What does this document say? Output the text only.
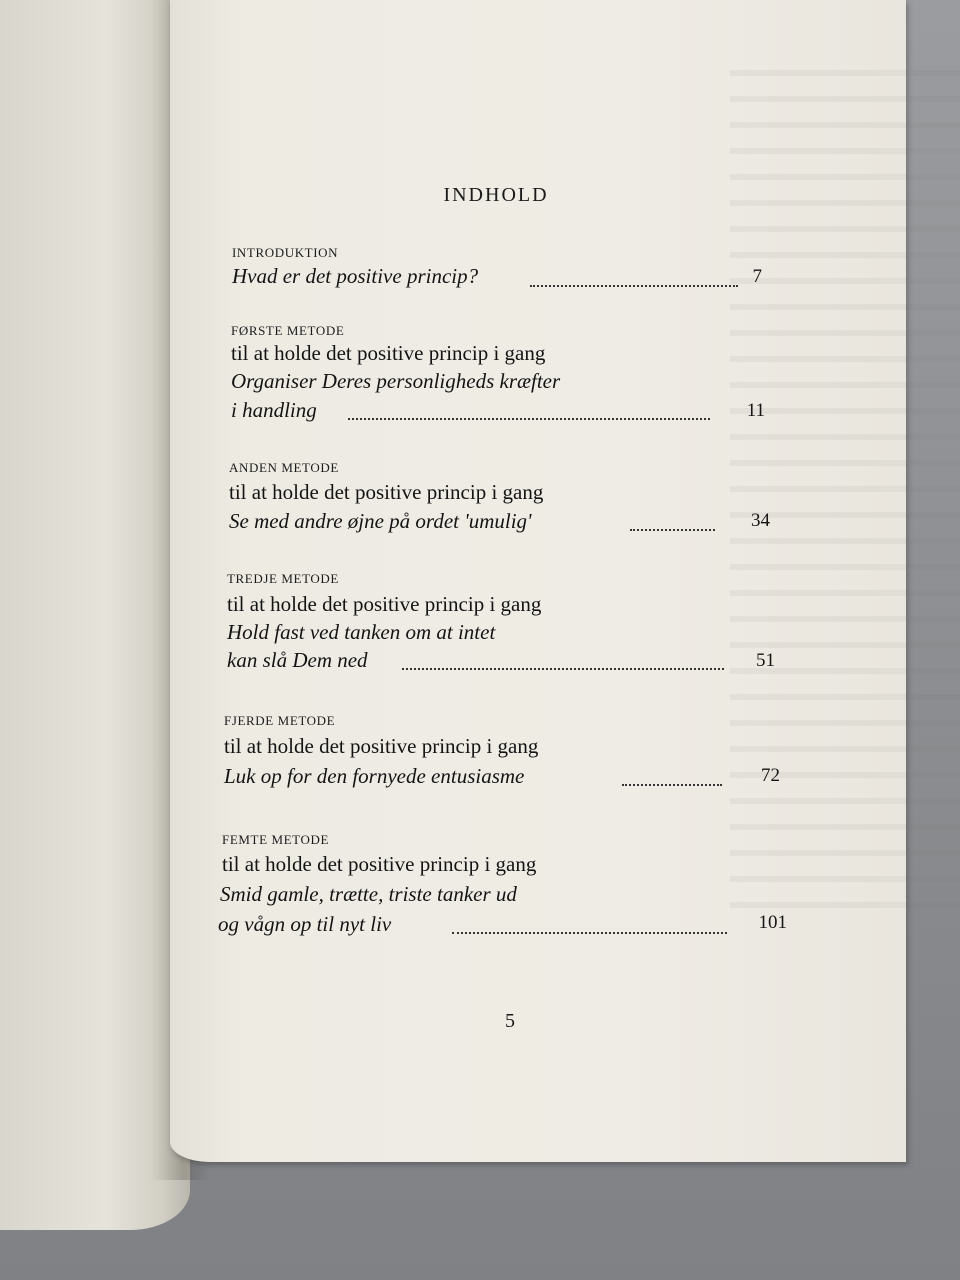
INDHOLD
INTRODUKTION
Hvad er det positive princip?	7
FØRSTE METODE
til at holde det positive princip i gang
Organiser Deres personligheds kræfter
i handling	11
ANDEN METODE
til at holde det positive princip i gang
Se med andre øjne på ordet 'umulig'	34
TREDJE METODE
til at holde det positive princip i gang
Hold fast ved tanken om at intet
kan slå Dem ned	51
FJERDE METODE
til at holde det positive princip i gang
Luk op for den fornyede entusiasme	72
FEMTE METODE
til at holde det positive princip i gang
Smid gamle, trætte, triste tanker ud
og vågn op til nyt liv	101
5
